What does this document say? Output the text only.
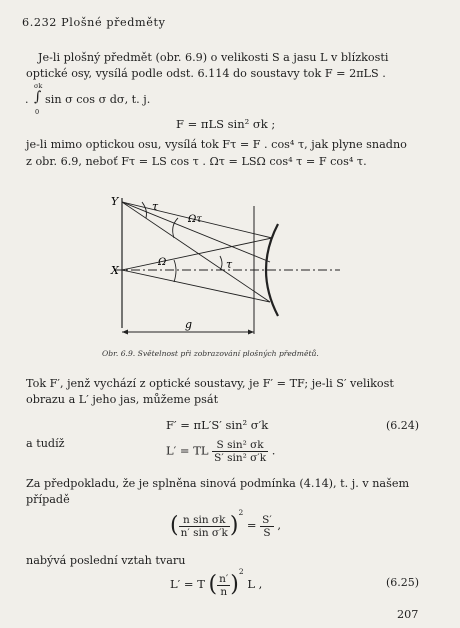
6.232 Plošné předměty
Je-li plošný předmět (obr. 6.9) o velikosti S a jasu L v blízkosti
optické osy, vysílá podle odst. 6.114 do soustavy tok F = 2πLS .
σk
∫
0
. sin σ cos σ dσ, t. j.
F = πLS sin² σk ;
je-li mimo optickou osu, vysílá tok Fτ = F . cos⁴ τ, jak plyne snadno
z obr. 6.9, neboť Fτ = LS cos τ . Ωτ = LSΩ cos⁴ τ = F cos⁴ τ.
Y
X
τ
Ωτ
Ω	τ
g
Obr. 6.9. Světelnost při zobrazování plošných předmětů.
Tok F′, jenž vychází z optické soustavy, je F′ = TF; je-li S′ velikost
obrazu a L′ jeho jas, můžeme psát
F′ = πL′S′ sin² σ′k	(6.24)
a tudíž	L′ = TL $\frac{\text{S sin² σk}}{\text{S′ sin² σ′k}}$ .
Za předpokladu, že je splněna sinová podmínka (4.14), t. j. v našem
případě
( $\frac{\text{n sin σk}}{\text{n′ sin σ′k}} )^2 = \frac{S'}{S}$ ,
nabývá poslední vztah tvaru
L′ = T ( $\frac{n'}{n} )^2$ L ,	(6.25)
207
